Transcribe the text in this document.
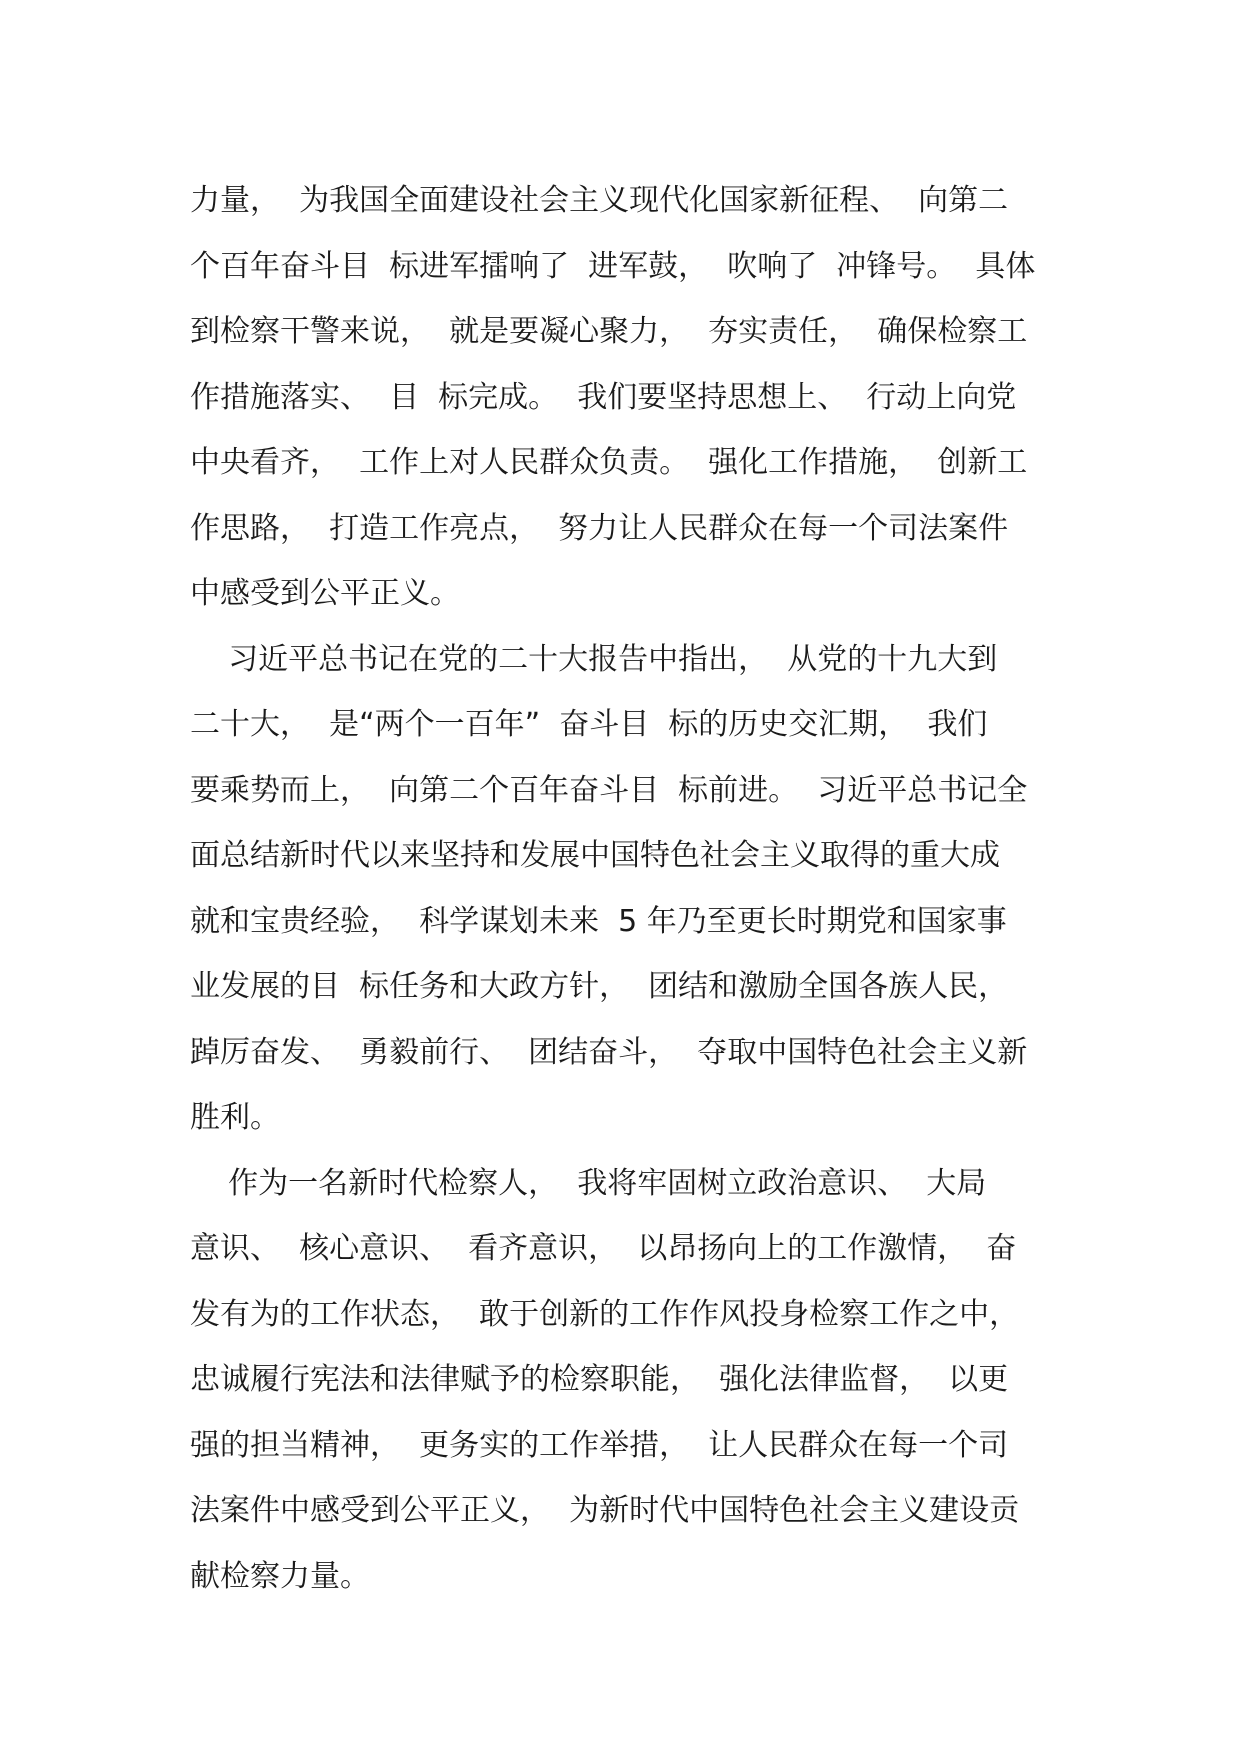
力量，  为我国全面建设社会主义现代化国家新征程、  向第二
个百年奋斗目  标进军擂响了  进军鼓，  吹响了  冲锋号。  具体
到检察干警来说，  就是要凝心聚力，  夯实责任，  确保检察工
作措施落实、  目  标完成。  我们要坚持思想上、  行动上向党
中央看齐，  工作上对人民群众负责。  强化工作措施，  创新工
作思路，  打造工作亮点，  努力让人民群众在每一个司法案件
中感受到公平正义。
习近平总书记在党的二十大报告中指出，  从党的十九大到
二十大，  是“两个一百年”  奋斗目  标的历史交汇期，  我们
要乘势而上，  向第二个百年奋斗目  标前进。  习近平总书记全
面总结新时代以来坚持和发展中国特色社会主义取得的重大成
就和宝贵经验，  科学谋划未来  5 年乃至更长时期党和国家事
业发展的目  标任务和大政方针，  团结和激励全国各族人民，
踔厉奋发、  勇毅前行、  团结奋斗，  夺取中国特色社会主义新
胜利。
作为一名新时代检察人，  我将牢固树立政治意识、  大局
意识、  核心意识、  看齐意识，  以昂扬向上的工作激情，  奋
发有为的工作状态，  敢于创新的工作作风投身检察工作之中，
忠诚履行宪法和法律赋予的检察职能，  强化法律监督，  以更
强的担当精神，  更务实的工作举措，  让人民群众在每一个司
法案件中感受到公平正义，  为新时代中国特色社会主义建设贡
献检察力量。
